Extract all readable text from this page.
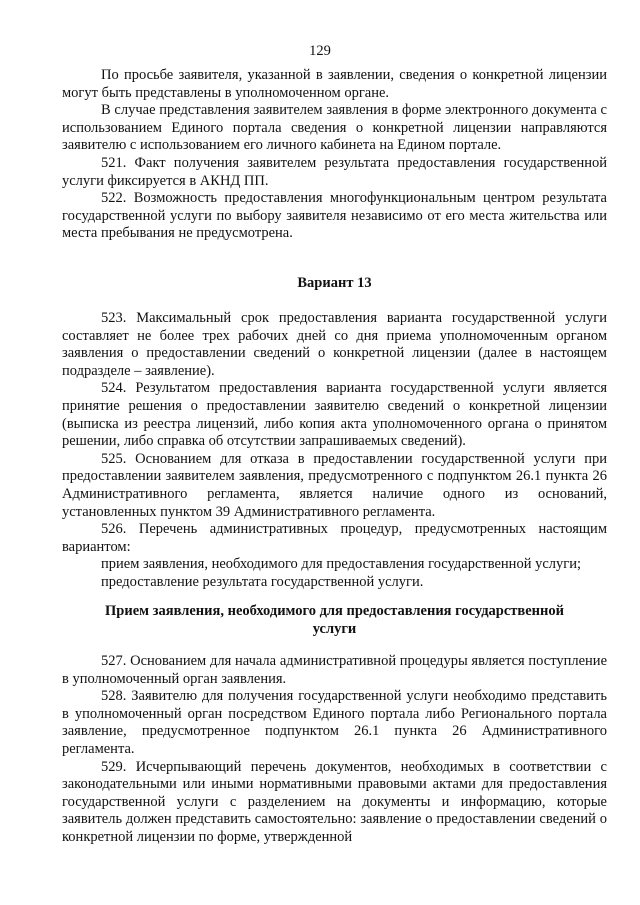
129

По просьбе заявителя, указанной в заявлении, сведения о конкретной лицензии могут быть представлены в уполномоченном органе.

В случае представления заявителем заявления в форме электронного документа с использованием Единого портала сведения о конкретной лицензии направляются заявителю с использованием его личного кабинета на Едином портале.

521. Факт получения заявителем результата предоставления государственной услуги фиксируется в АКНД ПП.

522. Возможность предоставления многофункциональным центром результата государственной услуги по выбору заявителя независимо от его места жительства или места пребывания не предусмотрена.

Вариант 13

523. Максимальный срок предоставления варианта государственной услуги составляет не более трех рабочих дней со дня приема уполномоченным органом заявления о предоставлении сведений о конкретной лицензии (далее в настоящем подразделе – заявление).

524. Результатом предоставления варианта государственной услуги является принятие решения о предоставлении заявителю сведений о конкретной лицензии (выписка из реестра лицензий, либо копия акта уполномоченного органа о принятом решении, либо справка об отсутствии запрашиваемых сведений).

525. Основанием для отказа в предоставлении государственной услуги при предоставлении заявителем заявления, предусмотренного с подпунктом 26.1 пункта 26 Административного регламента, является наличие одного из оснований, установленных пунктом 39 Административного регламента.

526. Перечень административных процедур, предусмотренных настоящим вариантом:

прием заявления, необходимого для предоставления государственной услуги;

предоставление результата государственной услуги.

Прием заявления, необходимого для предоставления государственной
услуги

527. Основанием для начала административной процедуры является поступление в уполномоченный орган заявления.

528. Заявителю для получения государственной услуги необходимо представить в уполномоченный орган посредством Единого портала либо Регионального портала заявление, предусмотренное подпунктом 26.1 пункта 26 Административного регламента.

529. Исчерпывающий перечень документов, необходимых в соответствии с законодательными или иными нормативными правовыми актами для предоставления государственной услуги с разделением на документы и информацию, которые заявитель должен представить самостоятельно: заявление о предоставлении сведений о конкретной лицензии по форме, утвержденной
